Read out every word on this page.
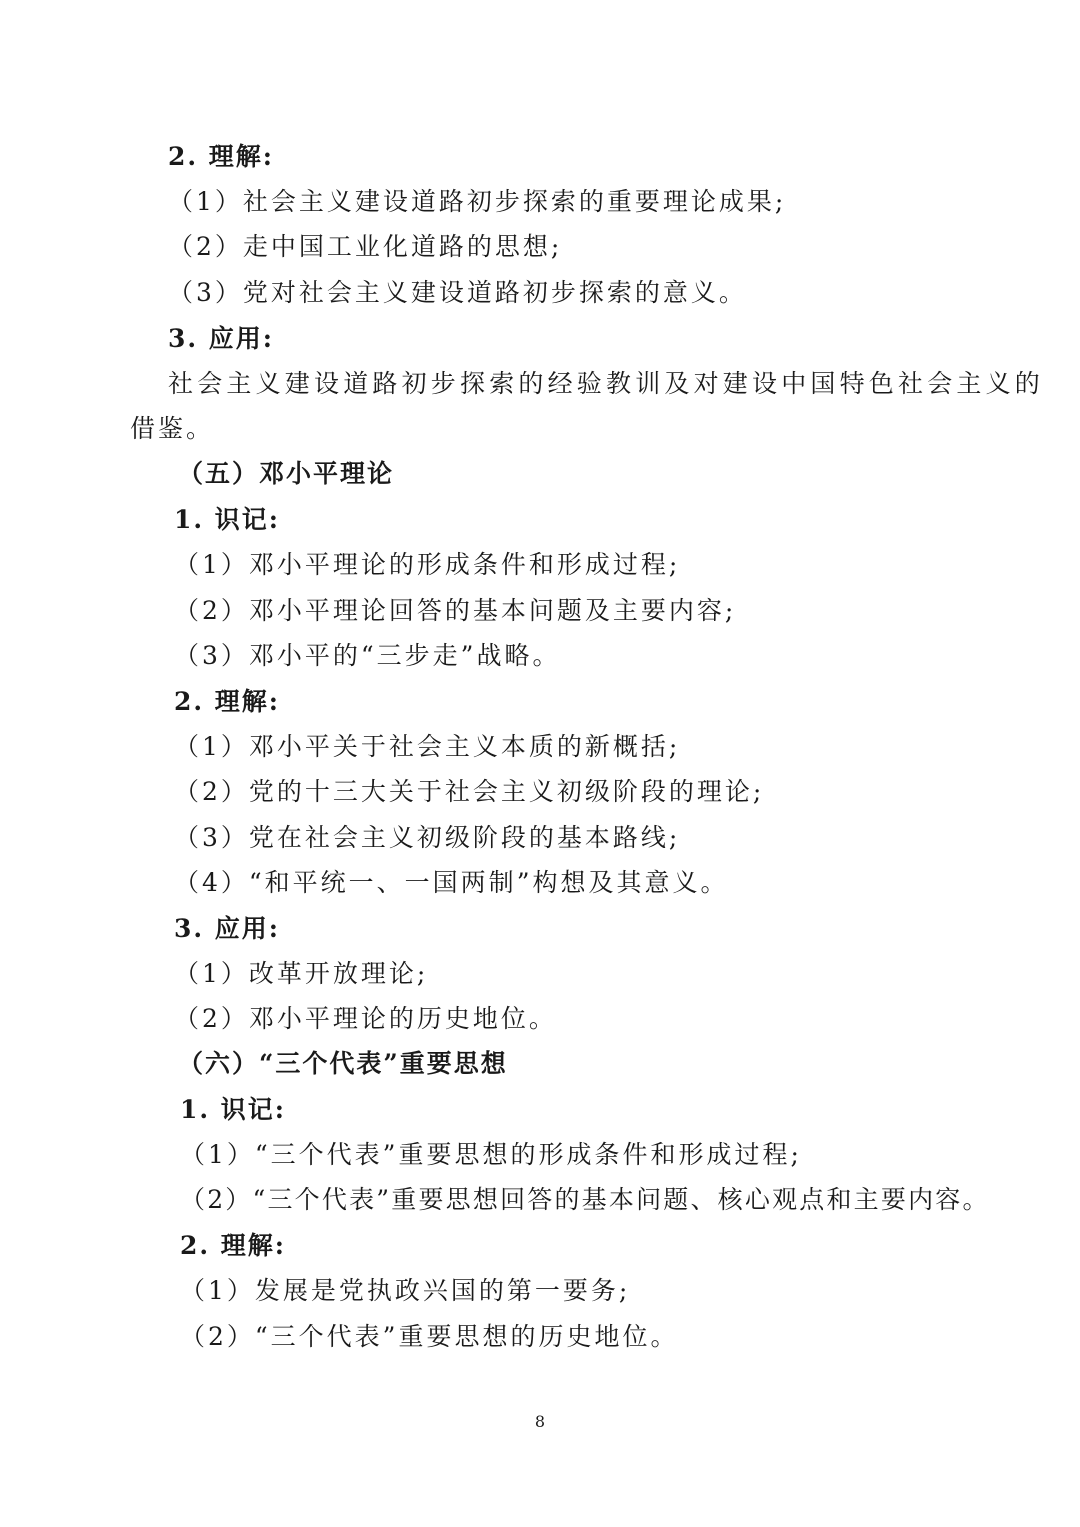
2. 理解:
（1）社会主义建设道路初步探索的重要理论成果;
（2）走中国工业化道路的思想;
（3）党对社会主义建设道路初步探索的意义。
3. 应用:
社会主义建设道路初步探索的经验教训及对建设中国特色社会主义的
借鉴。
（五）邓小平理论
1. 识记:
（1）邓小平理论的形成条件和形成过程;
（2）邓小平理论回答的基本问题及主要内容;
（3）邓小平的“三步走”战略。
2. 理解:
（1）邓小平关于社会主义本质的新概括;
（2）党的十三大关于社会主义初级阶段的理论;
（3）党在社会主义初级阶段的基本路线;
（4）“和平统一、一国两制”构想及其意义。
3. 应用:
（1）改革开放理论;
（2）邓小平理论的历史地位。
（六）“三个代表”重要思想
1. 识记:
（1）“三个代表”重要思想的形成条件和形成过程;
（2）“三个代表”重要思想回答的基本问题、核心观点和主要内容。
2. 理解:
（1）发展是党执政兴国的第一要务;
（2）“三个代表”重要思想的历史地位。
8
